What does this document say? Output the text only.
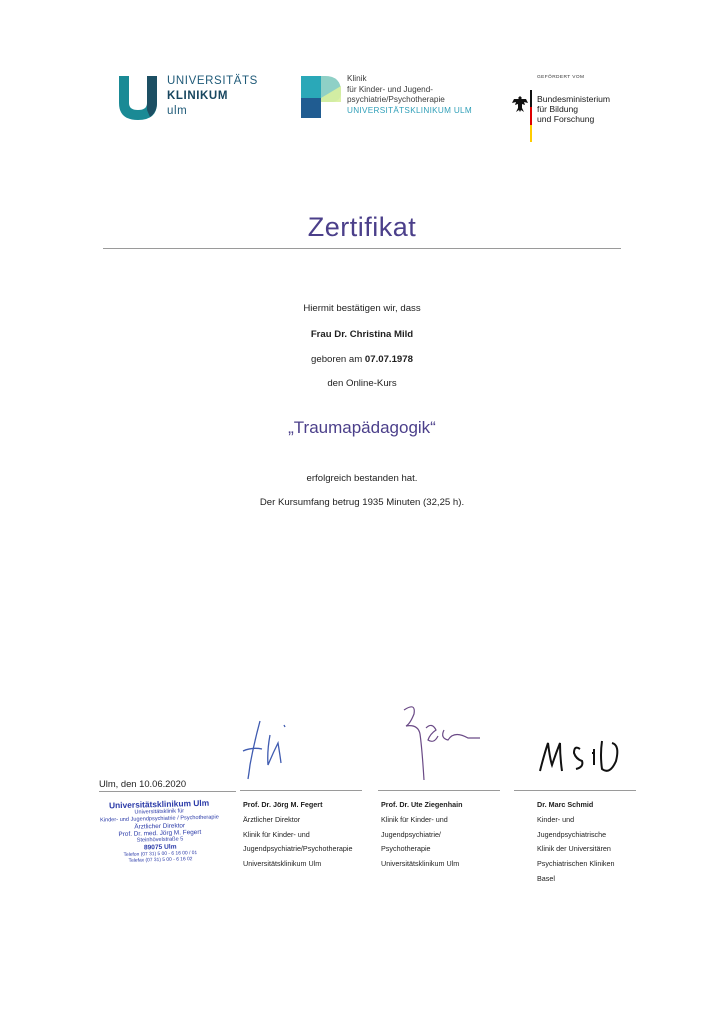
UNIVERSITÄTS
KLINIKUM
ulm
Klinik
für Kinder- und Jugend-
psychiatrie/Psychotherapie
UNIVERSITÄTSKLINIKUM ULM
GEFÖRDERT VOM
Bundesministerium
für Bildung
und Forschung
Zertifikat
Hiermit bestätigen wir, dass
Frau Dr. Christina Mild
geboren am 07.07.1978
den Online-Kurs
„Traumapädagogik“
erfolgreich bestanden hat.
Der Kursumfang betrug 1935 Minuten (32,25 h).
Ulm, den 10.06.2020
Universitätsklinikum Ulm
Universitätsklinik für
Kinder- und Jugendpsychiatrie / Psychotherapie
Ärztlicher Direktor
Prof. Dr. med. Jörg M. Fegert
Steinhövelstraße 5
89075 Ulm
Telefon (07 31) 5 00 - 6 16 00 / 01
Telefax (07 31) 5 00 - 6 16 02
Prof. Dr. Jörg M. Fegert
Ärztlicher Direktor
Klinik für Kinder- und
Jugendpsychiatrie/Psychotherapie
Universitätsklinikum Ulm
Prof. Dr. Ute Ziegenhain
Klinik für Kinder- und
Jugendpsychiatrie/
Psychotherapie
Universitätsklinikum Ulm
Dr. Marc Schmid
Kinder- und
Jugendpsychiatrische
Klinik der Universitären
Psychiatrischen Kliniken
Basel
